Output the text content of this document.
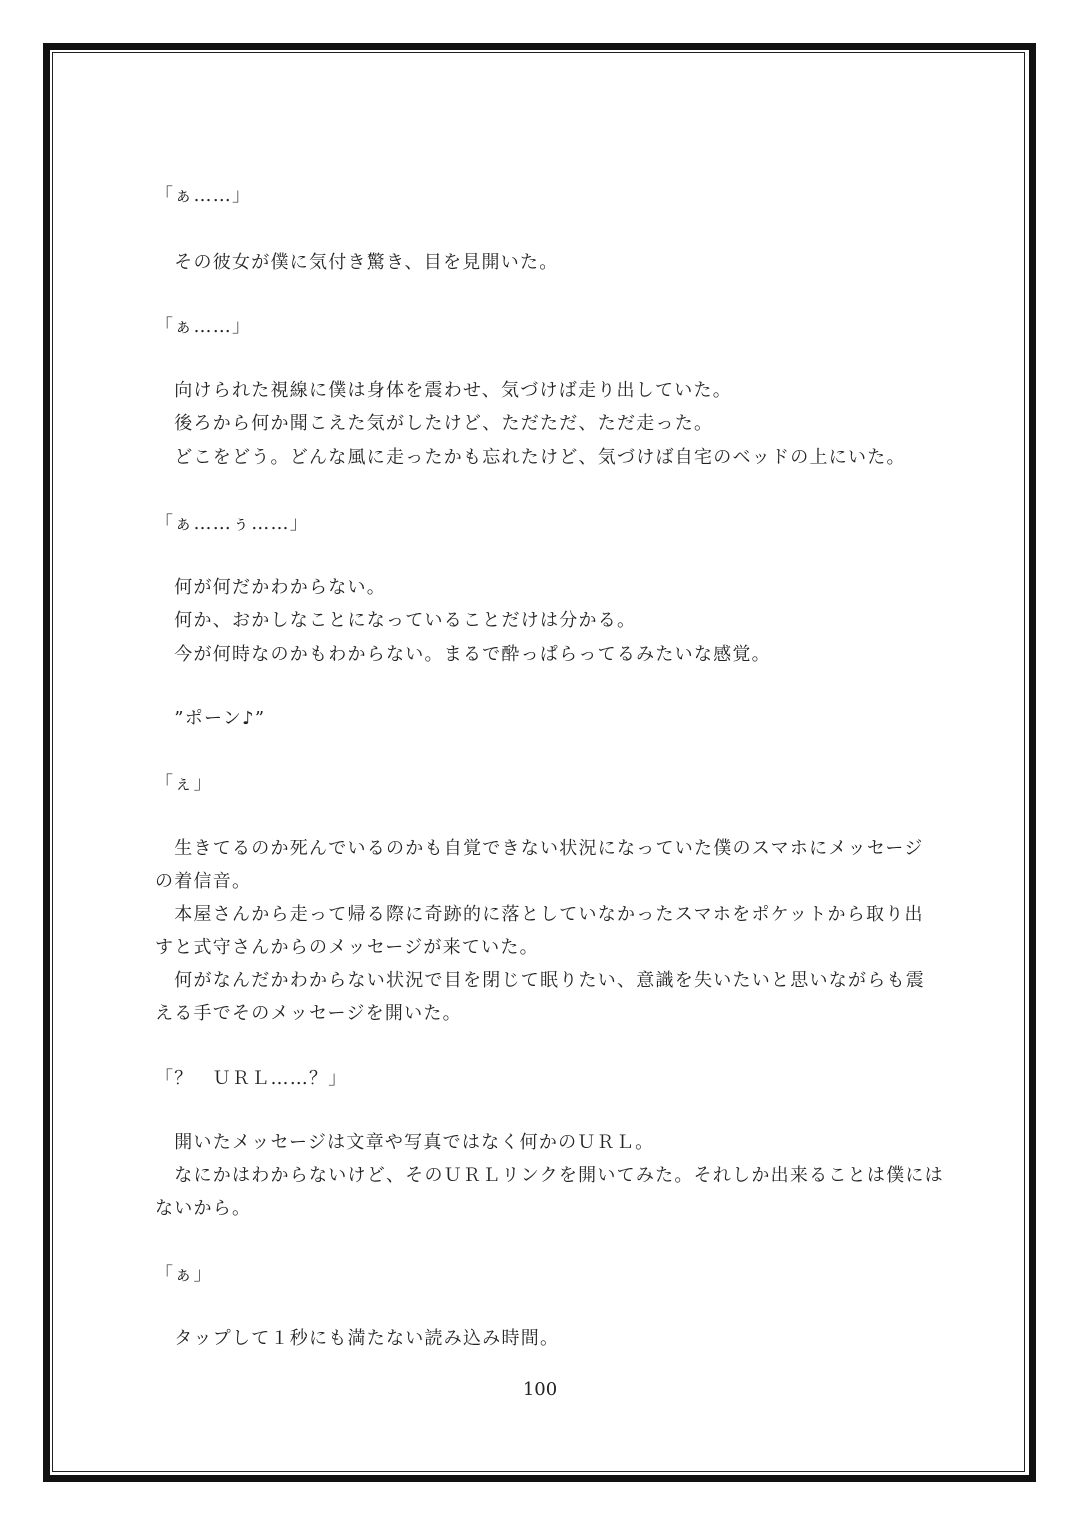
「ぁ……」
　その彼女が僕に気付き驚き、目を見開いた。
「ぁ……」
　向けられた視線に僕は身体を震わせ、気づけば走り出していた。
　後ろから何か聞こえた気がしたけど、ただただ、ただ走った。
　どこをどう。どんな風に走ったかも忘れたけど、気づけば自宅のベッドの上にいた。
「ぁ……ぅ……」
　何が何だかわからない。
　何か、おかしなことになっていることだけは分かる。
　今が何時なのかもわからない。まるで酔っぱらってるみたいな感覚。
　”ポーン♪”
「ぇ」
　生きてるのか死んでいるのかも自覚できない状況になっていた僕のスマホにメッセージ
の着信音。
　本屋さんから走って帰る際に奇跡的に落としていなかったスマホをポケットから取り出
すと式守さんからのメッセージが来ていた。
　何がなんだかわからない状況で目を閉じて眠りたい、意識を失いたいと思いながらも震
える手でそのメッセージを開いた。
「？　ＵＲＬ……？」
　開いたメッセージは文章や写真ではなく何かのＵＲＬ。
　なにかはわからないけど、そのＵＲＬリンクを開いてみた。それしか出来ることは僕には
ないから。
「ぁ」
　タップして１秒にも満たない読み込み時間。
100
